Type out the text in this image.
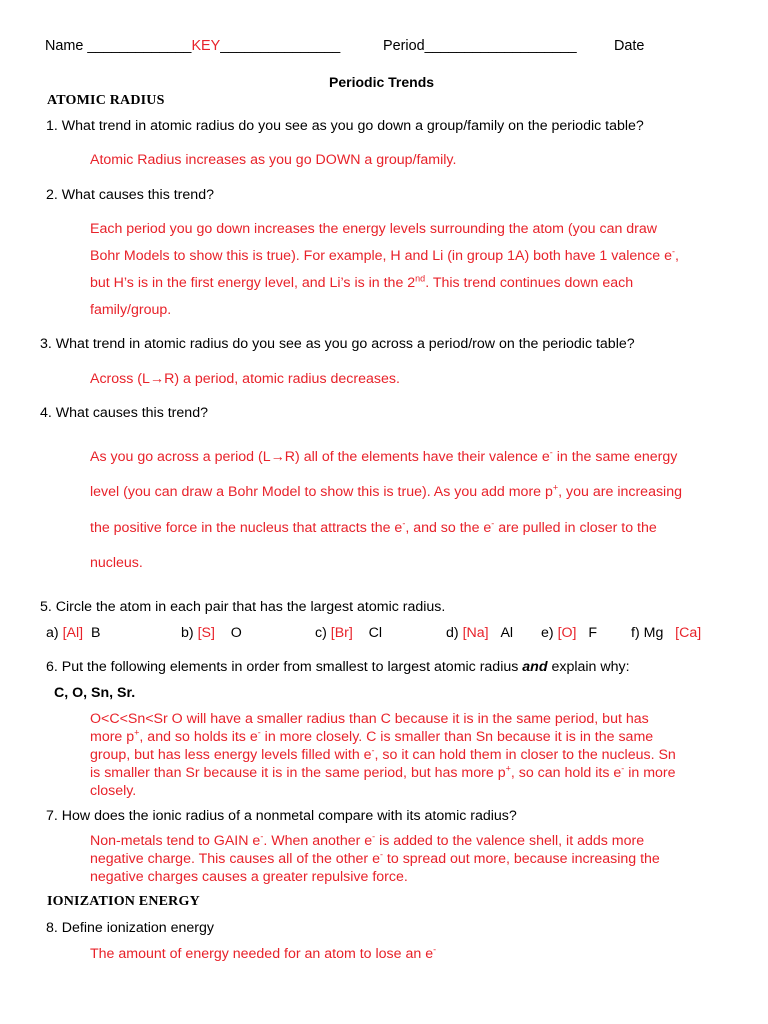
Name _____________KEY_______________	Period___________________	Date
Periodic Trends
ATOMIC RADIUS
1. What trend in atomic radius do you see as you go down a group/family on the periodic table?
Atomic Radius increases as you go DOWN a group/family.
2. What causes this trend?
Each period you go down increases the energy levels surrounding the atom (you can draw
Bohr Models to show this is true). For example, H and Li (in group 1A) both have 1 valence e-,
but H’s is in the first energy level, and Li’s is in the 2nd. This trend continues down each
family/group.
3. What trend in atomic radius do you see as you go across a period/row on the periodic table?
Across (L→R) a period, atomic radius decreases.
4. What causes this trend?
As you go across a period (L→R) all of the elements have their valence e- in the same energy
level (you can draw a Bohr Model to show this is true). As you add more p+, you are increasing
the positive force in the nucleus that attracts the e-, and so the e- are pulled in closer to the
nucleus.
5. Circle the atom in each pair that has the largest atomic radius.
a) [Al] B	b) [S] O	c) [Br] Cl	d) [Na] Al e) [O] F f) Mg [Ca]
6. Put the following elements in order from smallest to largest atomic radius and explain why:
C, O, Sn, Sr.
O<C<Sn<Sr O will have a smaller radius than C because it is in the same period, but has
more p+, and so holds its e- in more closely. C is smaller than Sn because it is in the same
group, but has less energy levels filled with e-, so it can hold them in closer to the nucleus. Sn
is smaller than Sr because it is in the same period, but has more p+, so can hold its e- in more
closely.
7. How does the ionic radius of a nonmetal compare with its atomic radius?
Non-metals tend to GAIN e-. When another e- is added to the valence shell, it adds more
negative charge. This causes all of the other e- to spread out more, because increasing the
negative charges causes a greater repulsive force.
IONIZATION ENERGY
8. Define ionization energy
The amount of energy needed for an atom to lose an e-
